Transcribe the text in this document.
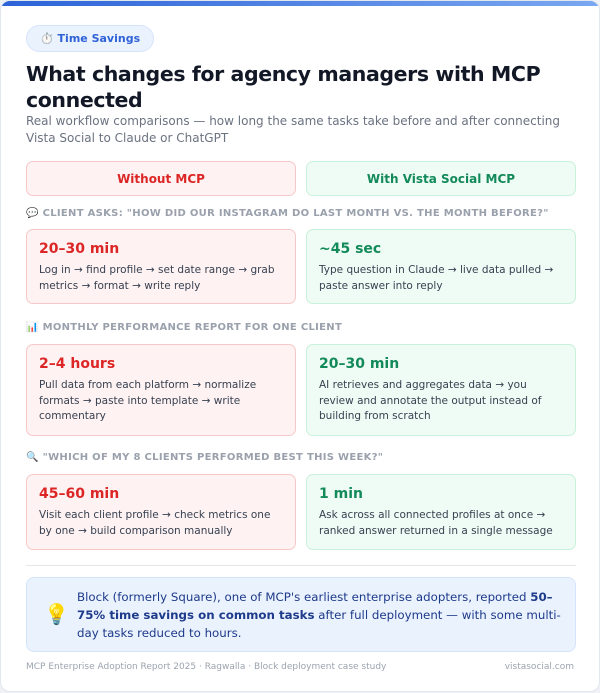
⏱️ Time Savings
What changes for agency managers with MCP connected
Real workflow comparisons — how long the same tasks take before and after connecting Vista Social to Claude or ChatGPT
Without MCP	With Vista Social MCP
💬 CLIENT ASKS: "HOW DID OUR INSTAGRAM DO LAST MONTH VS. THE MONTH BEFORE?"
20–30 min
Log in → find profile → set date range → grab metrics → format → write reply
~45 sec
Type question in Claude → live data pulled → paste answer into reply
📊 MONTHLY PERFORMANCE REPORT FOR ONE CLIENT
2–4 hours
Pull data from each platform → normalize formats → paste into template → write commentary
20–30 min
AI retrieves and aggregates data → you review and annotate the output instead of building from scratch
🔍 "WHICH OF MY 8 CLIENTS PERFORMED BEST THIS WEEK?"
45–60 min
Visit each client profile → check metrics one by one → build comparison manually
1 min
Ask across all connected profiles at once → ranked answer returned in a single message
💡
Block (formerly Square), one of MCP's earliest enterprise adopters, reported 50–75% time savings on common tasks after full deployment — with some multi-day tasks reduced to hours.
MCP Enterprise Adoption Report 2025 · Ragwalla · Block deployment case study	vistasocial.com
